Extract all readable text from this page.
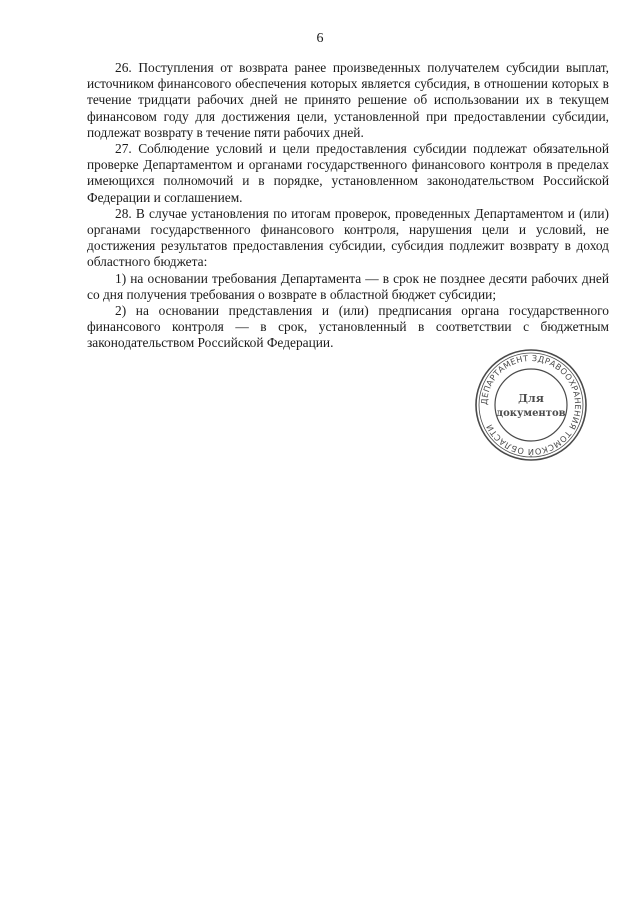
6

26. Поступления от возврата ранее произведенных получателем субсидии выплат, источником финансового обеспечения которых является субсидия, в отношении которых в течение тридцати рабочих дней не принято решение об использовании их в текущем финансовом году для достижения цели, установленной при предоставлении субсидии, подлежат возврату в течение пяти рабочих дней.

27. Соблюдение условий и цели предоставления субсидии подлежат обязательной проверке Департаментом и органами государственного финансового контроля в пределах имеющихся полномочий и в порядке, установленном законодательством Российской Федерации и соглашением.

28. В случае установления по итогам проверок, проведенных Департаментом и (или) органами государственного финансового контроля, нарушения цели и условий, не достижения результатов предоставления субсидии, субсидия подлежит возврату в доход областного бюджета:

1) на основании требования Департамента — в срок не позднее десяти рабочих дней со дня получения требования о возврате в областной бюджет субсидии;

2) на основании представления и (или) предписания органа государственного финансового контроля — в срок, установленный в соответствии с бюджетным законодательством Российской Федерации.

ДЕПАРТАМЕНТ ЗДРАВООХРАНЕНИЯ ТОМСКОЙ ОБЛАСТИ
Для
документов
